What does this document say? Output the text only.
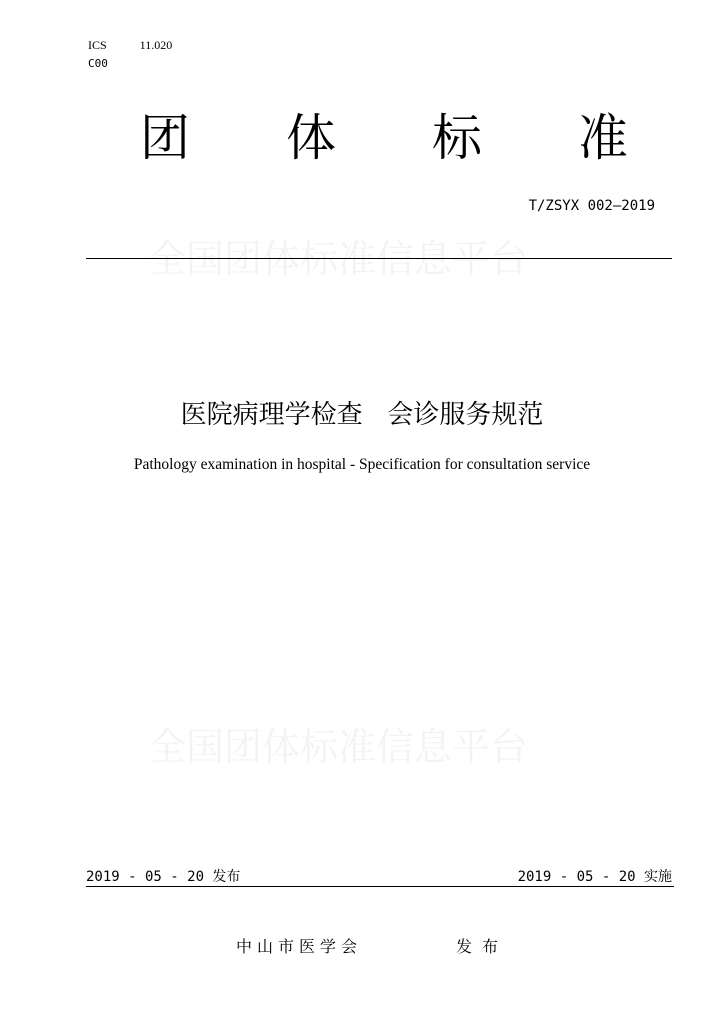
ICS   11.020
C00
团 体 标 准
T/ZSYX 002—2019
全国团体标准信息平台
医院病理学检查   会诊服务规范
Pathology examination in hospital - Specification for consultation service
全国团体标准信息平台
2019 - 05 - 20 发布	2019 - 05 - 20 实施
中山市医学会	发布
